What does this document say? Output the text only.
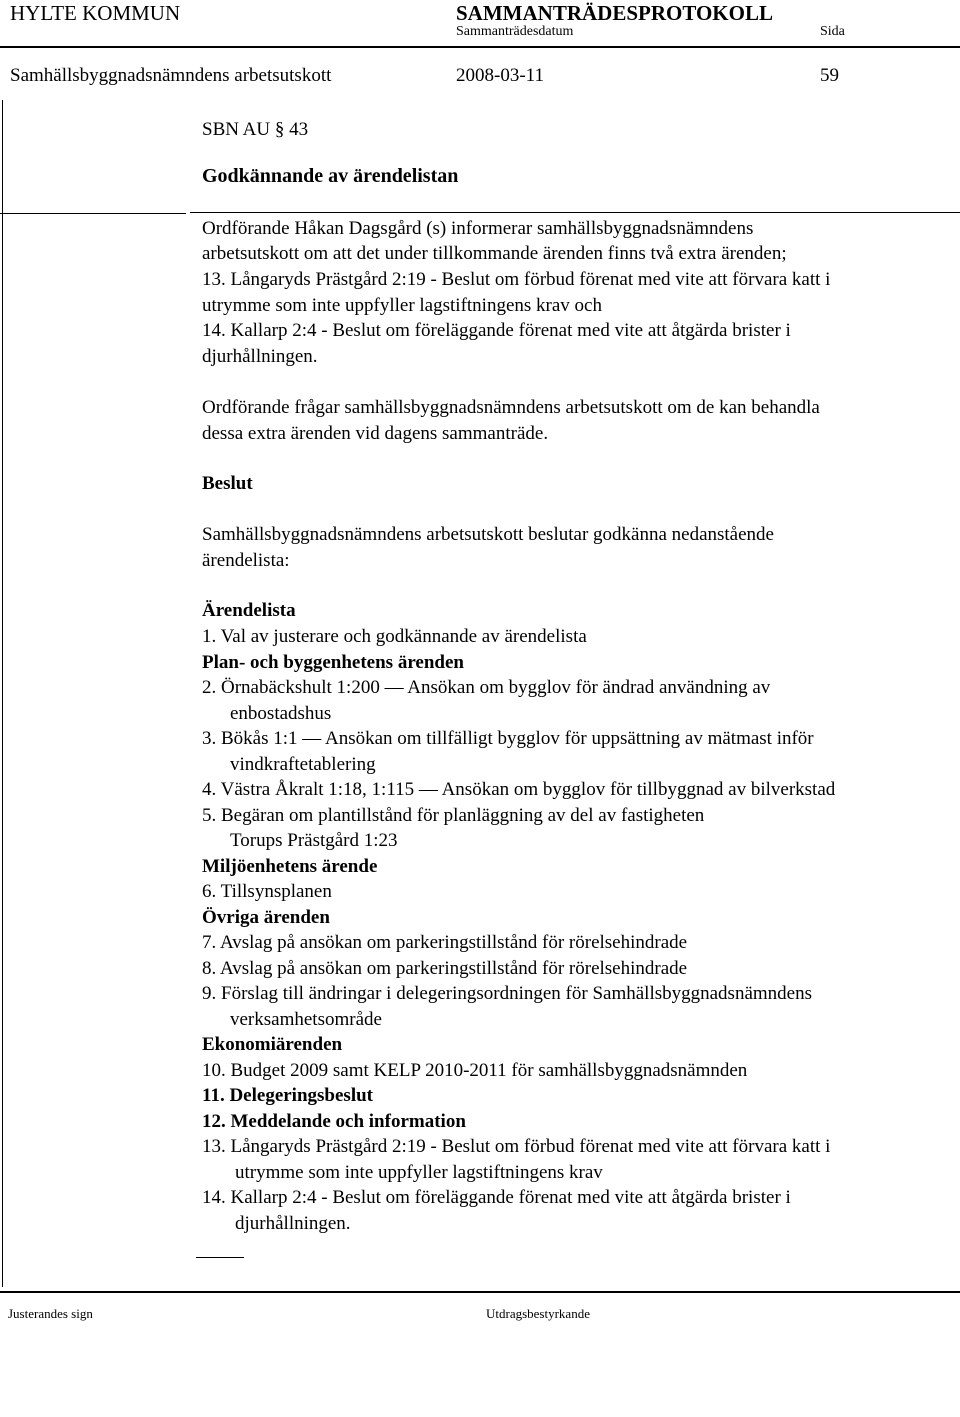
HYLTE KOMMUN	SAMMANTRÄDESPROTOKOLL
Sammanträdesdatum	Sida
Samhällsbyggnadsnämndens arbetsutskott	2008-03-11	59
SBN AU § 43
Godkännande av ärendelistan
Ordförande Håkan Dagsgård (s) informerar samhällsbyggnadsnämndens
arbetsutskott om att det under tillkommande ärenden finns två extra ärenden;
13. Långaryds Prästgård 2:19 - Beslut om förbud förenat med vite att förvara katt i
utrymme som inte uppfyller lagstiftningens krav och
14. Kallarp 2:4 - Beslut om föreläggande förenat med vite att åtgärda brister i
djurhållningen.
Ordförande frågar samhällsbyggnadsnämndens arbetsutskott om de kan behandla
dessa extra ärenden vid dagens sammanträde.
Beslut
Samhällsbyggnadsnämndens arbetsutskott beslutar godkänna nedanstående
ärendelista:
Ärendelista
1. Val av justerare och godkännande av ärendelista
Plan- och byggenhetens ärenden
2. Örnabäckshult 1:200 — Ansökan om bygglov för ändrad användning av
enbostadshus
3. Bökås 1:1 — Ansökan om tillfälligt bygglov för uppsättning av mätmast inför
vindkraftetablering
4. Västra Åkralt 1:18, 1:115 — Ansökan om bygglov för tillbyggnad av bilverkstad
5. Begäran om plantillstånd för planläggning av del av fastigheten
Torups Prästgård 1:23
Miljöenhetens ärende
6. Tillsynsplanen
Övriga ärenden
7. Avslag på ansökan om parkeringstillstånd för rörelsehindrade
8. Avslag på ansökan om parkeringstillstånd för rörelsehindrade
9. Förslag till ändringar i delegeringsordningen för Samhällsbyggnadsnämndens
verksamhetsområde
Ekonomiärenden
10. Budget 2009 samt KELP 2010-2011 för samhällsbyggnadsnämnden
11. Delegeringsbeslut
12. Meddelande och information
13. Långaryds Prästgård 2:19 - Beslut om förbud förenat med vite att förvara katt i
utrymme som inte uppfyller lagstiftningens krav
14. Kallarp 2:4 - Beslut om föreläggande förenat med vite att åtgärda brister i
djurhållningen.
Justerandes sign	Utdragsbestyrkande
